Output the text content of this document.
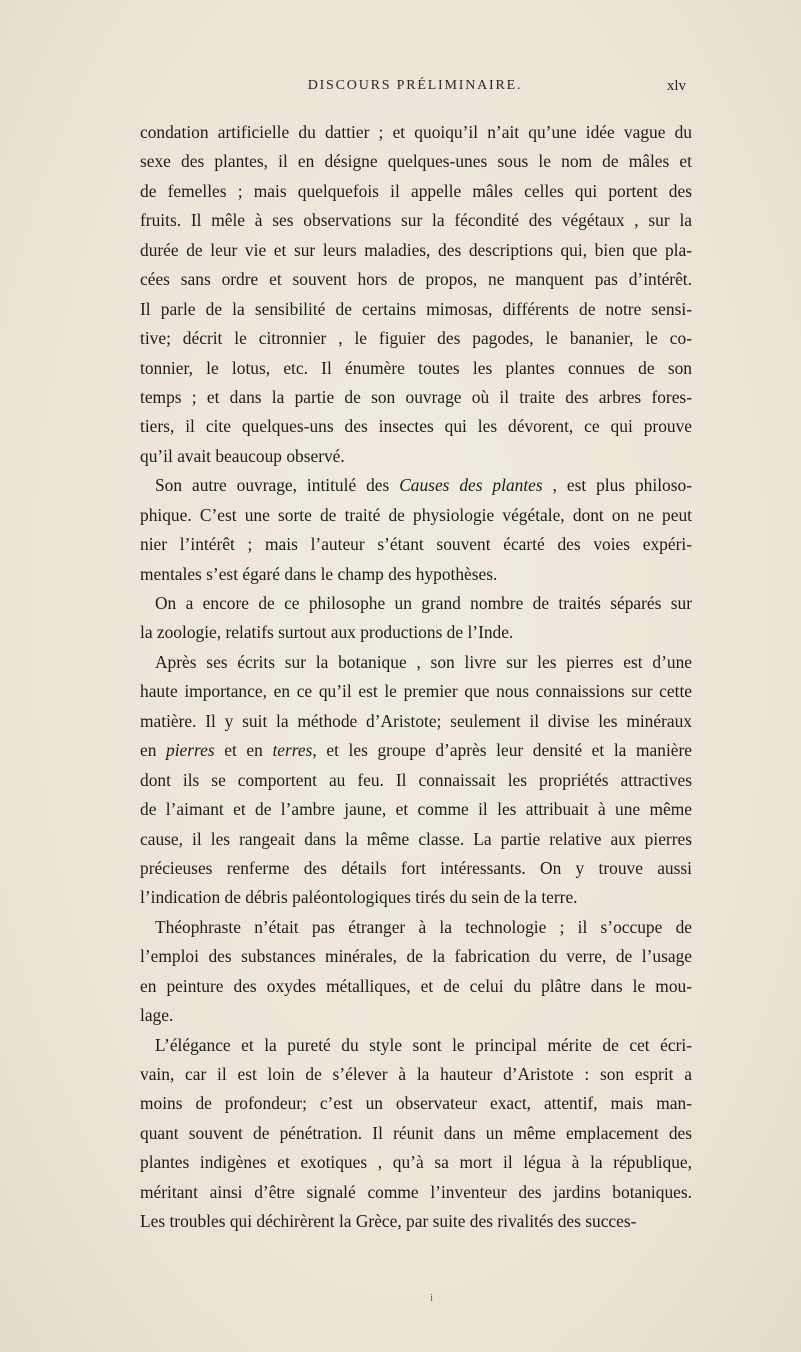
DISCOURS PRÉLIMINAIRE.	xlv

condation artificielle du dattier ; et quoiqu’il n’ait qu’une idée vague du
sexe des plantes, il en désigne quelques-unes sous le nom de mâles et
de femelles ; mais quelquefois il appelle mâles celles qui portent des
fruits. Il mêle à ses observations sur la fécondité des végétaux , sur la
durée de leur vie et sur leurs maladies, des descriptions qui, bien que pla-
cées sans ordre et souvent hors de propos, ne manquent pas d’intérêt.
Il parle de la sensibilité de certains mimosas, différents de notre sensi-
tive; décrit le citronnier , le figuier des pagodes, le bananier, le co-
tonnier, le lotus, etc. Il énumère toutes les plantes connues de son
temps ; et dans la partie de son ouvrage où il traite des arbres fores-
tiers, il cite quelques-uns des insectes qui les dévorent, ce qui prouve
qu’il avait beaucoup observé.

Son autre ouvrage, intitulé des Causes des plantes , est plus philoso-
phique. C’est une sorte de traité de physiologie végétale, dont on ne peut
nier l’intérêt ; mais l’auteur s’étant souvent écarté des voies expéri-
mentales s’est égaré dans le champ des hypothèses.

On a encore de ce philosophe un grand nombre de traités séparés sur
la zoologie, relatifs surtout aux productions de l’Inde.

Après ses écrits sur la botanique , son livre sur les pierres est d’une
haute importance, en ce qu’il est le premier que nous connaissions sur cette
matière. Il y suit la méthode d’Aristote; seulement il divise les minéraux
en pierres et en terres, et les groupe d’après leur densité et la manière
dont ils se comportent au feu. Il connaissait les propriétés attractives
de l’aimant et de l’ambre jaune, et comme il les attribuait à une même
cause, il les rangeait dans la même classe. La partie relative aux pierres
précieuses renferme des détails fort intéressants. On y trouve aussi
l’indication de débris paléontologiques tirés du sein de la terre.

Théophraste n’était pas étranger à la technologie ; il s’occupe de
l’emploi des substances minérales, de la fabrication du verre, de l’usage
en peinture des oxydes métalliques, et de celui du plâtre dans le mou-
lage.

L’élégance et la pureté du style sont le principal mérite de cet écri-
vain, car il est loin de s’élever à la hauteur d’Aristote : son esprit a
moins de profondeur; c’est un observateur exact, attentif, mais man-
quant souvent de pénétration. Il réunit dans un même emplacement des
plantes indigènes et exotiques , qu’à sa mort il légua à la république,
méritant ainsi d’être signalé comme l’inventeur des jardins botaniques.
Les troubles qui déchirèrent la Grèce, par suite des rivalités des succes-

i
